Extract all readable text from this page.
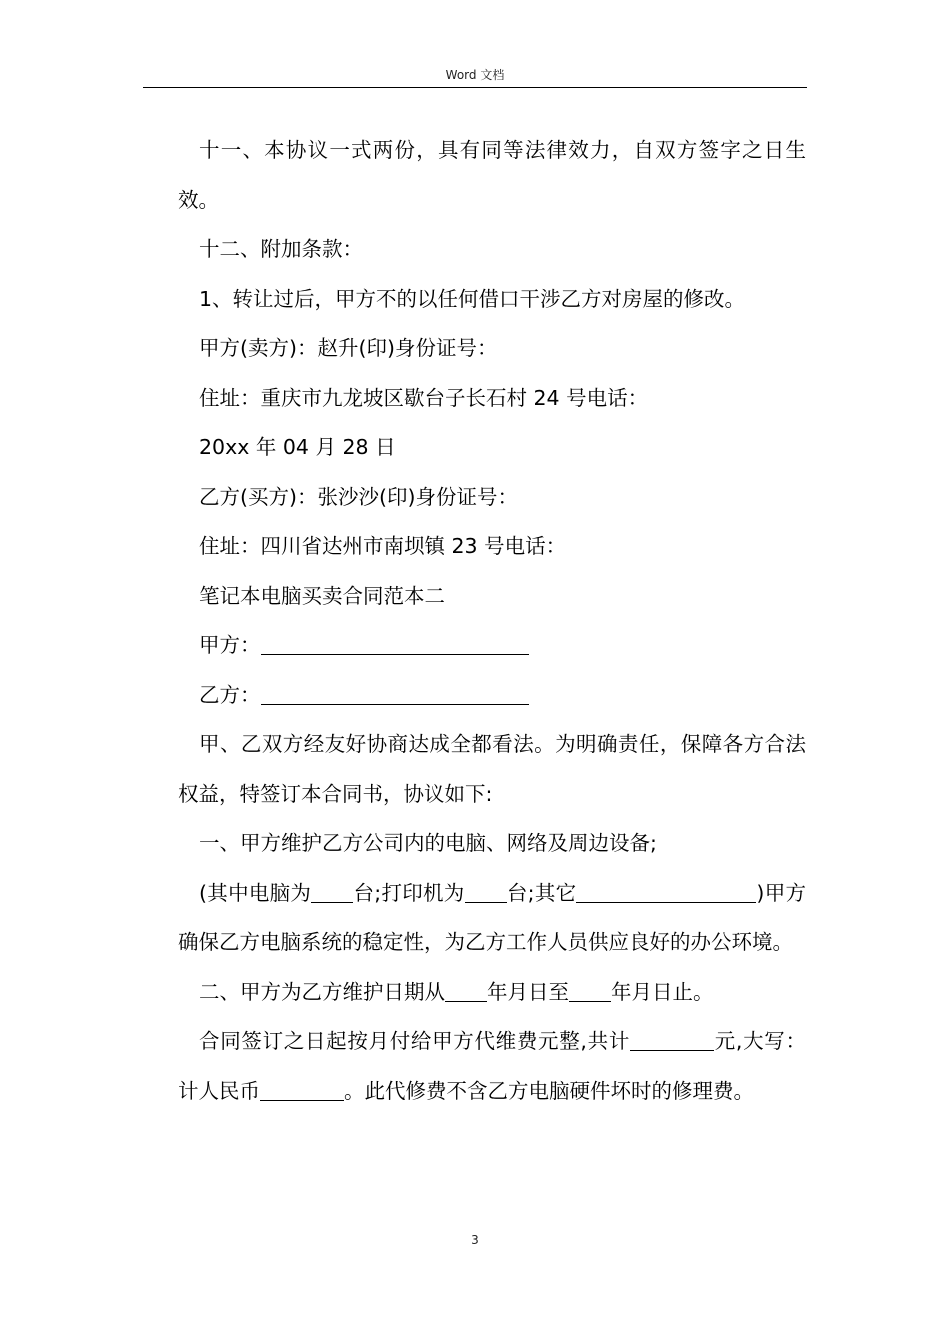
Word 文档

十一、本协议一式两份，具有同等法律效力，自双方签字之日生效。

十二、附加条款：

1、转让过后，甲方不的以任何借口干涉乙方对房屋的修改。

甲方(卖方)：赵升(印)身份证号：

住址：重庆市九龙坡区歇台子长石村 24 号电话：

20xx 年 04 月 28 日

乙方(买方)：张沙沙(印)身份证号：

住址：四川省达州市南坝镇 23 号电话：

笔记本电脑买卖合同范本二

甲方：

乙方：

甲、乙双方经友好协商达成全都看法。为明确责任，保障各方合法权益，特签订本合同书，协议如下:

一、甲方维护乙方公司内的电脑、网络及周边设备;

(其中电脑为 台;打印机为 台;其它	)甲方确保乙方电脑系统的稳定性，为乙方工作人员供应良好的办公环境。

二、甲方为乙方维护日期从 年月日至 年月日止。

合同签订之日起按月付给甲方代维费元整,共计	元,大写：计人民币	。此代修费不含乙方电脑硬件坏时的修理费。

3
